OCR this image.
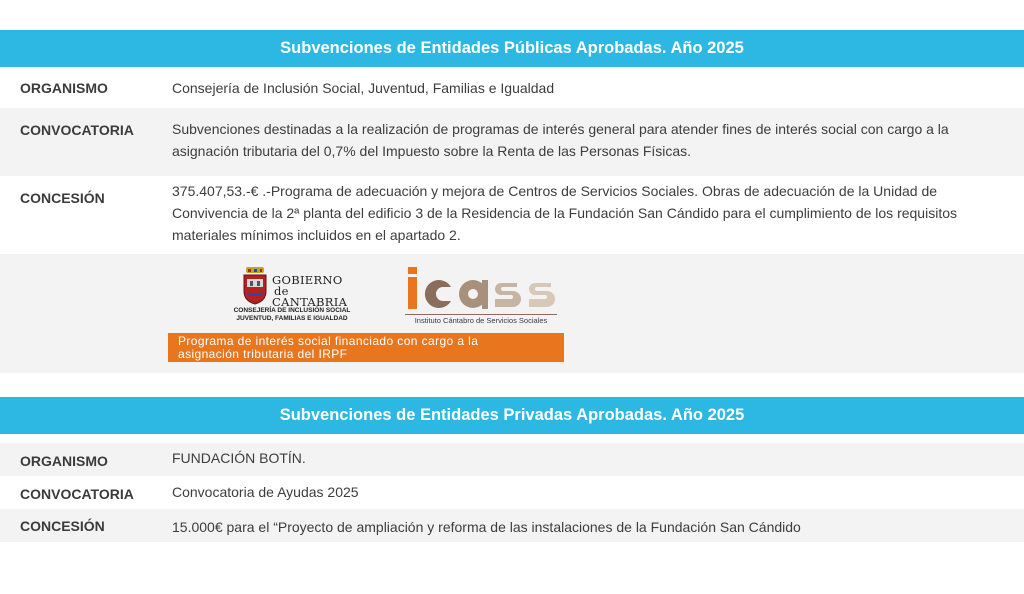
Subvenciones de Entidades Públicas Aprobadas. Año 2025
ORGANISMO	Consejería de Inclusión Social, Juventud, Familias e Igualdad
CONVOCATORIA	Subvenciones destinadas a la realización de programas de interés general para atender fines de interés social con cargo a la asignación tributaria del 0,7% del Impuesto sobre la Renta de las Personas Físicas.
CONCESIÓN	375.407,53.-€ .-Programa de adecuación y mejora de Centros de Servicios Sociales. Obras de adecuación de la Unidad de Convivencia de la 2ª planta del edificio 3 de la Residencia de la Fundación San Cándido para el cumplimiento de los requisitos materiales mínimos incluidos en el apartado 2.
GOBIERNO
de
CANTABRIA
CONSEJERÍA DE INCLUSIÓN SOCIAL
JUVENTUD, FAMILIAS E IGUALDAD
icass
Instituto Cántabro de Servicios Sociales
Programa de interés social financiado con cargo a la
asignación tributaria del IRPF
Subvenciones de Entidades Privadas Aprobadas. Año 2025
ORGANISMO	FUNDACIÓN BOTÍN.
CONVOCATORIA	Convocatoria de Ayudas 2025
CONCESIÓN	15.000€ para el “Proyecto de ampliación y reforma de las instalaciones de la Fundación San Cándido
